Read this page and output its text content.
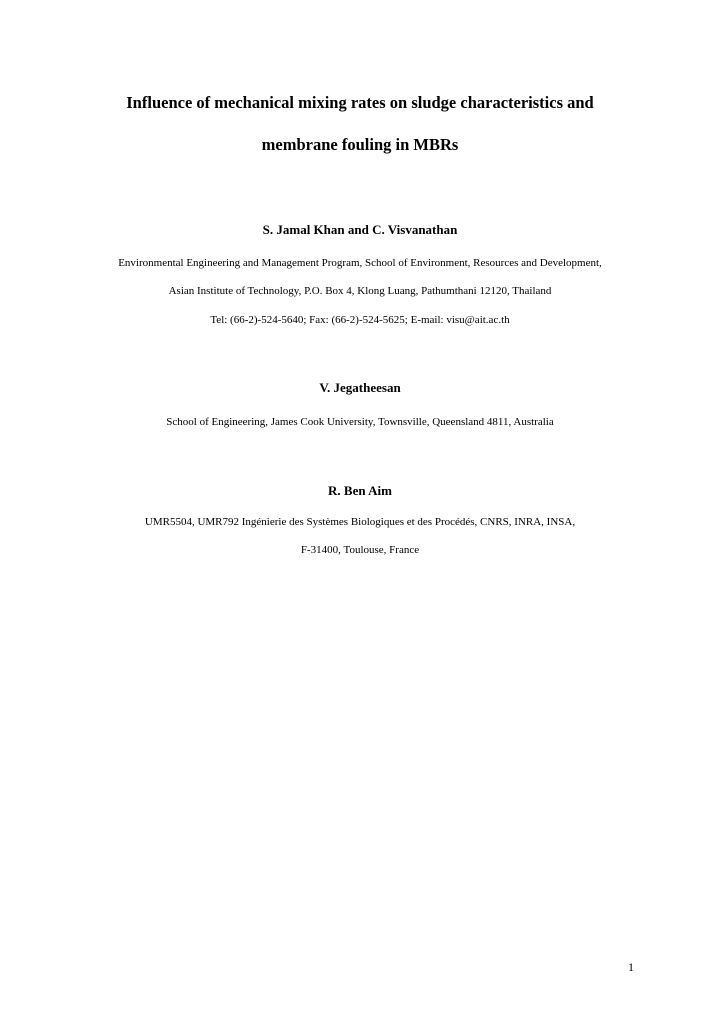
Influence of mechanical mixing rates on sludge characteristics and
membrane fouling in MBRs
S. Jamal Khan and C. Visvanathan
Environmental Engineering and Management Program, School of Environment, Resources and Development,
Asian Institute of Technology, P.O. Box 4, Klong Luang, Pathumthani 12120, Thailand
Tel: (66-2)-524-5640; Fax: (66-2)-524-5625; E-mail: visu@ait.ac.th
V. Jegatheesan
School of Engineering, James Cook University, Townsville, Queensland 4811, Australia
R. Ben Aim
UMR5504, UMR792 Ingénierie des Systèmes Biologiques et des Procédés, CNRS, INRA, INSA,
F-31400, Toulouse, France
1
